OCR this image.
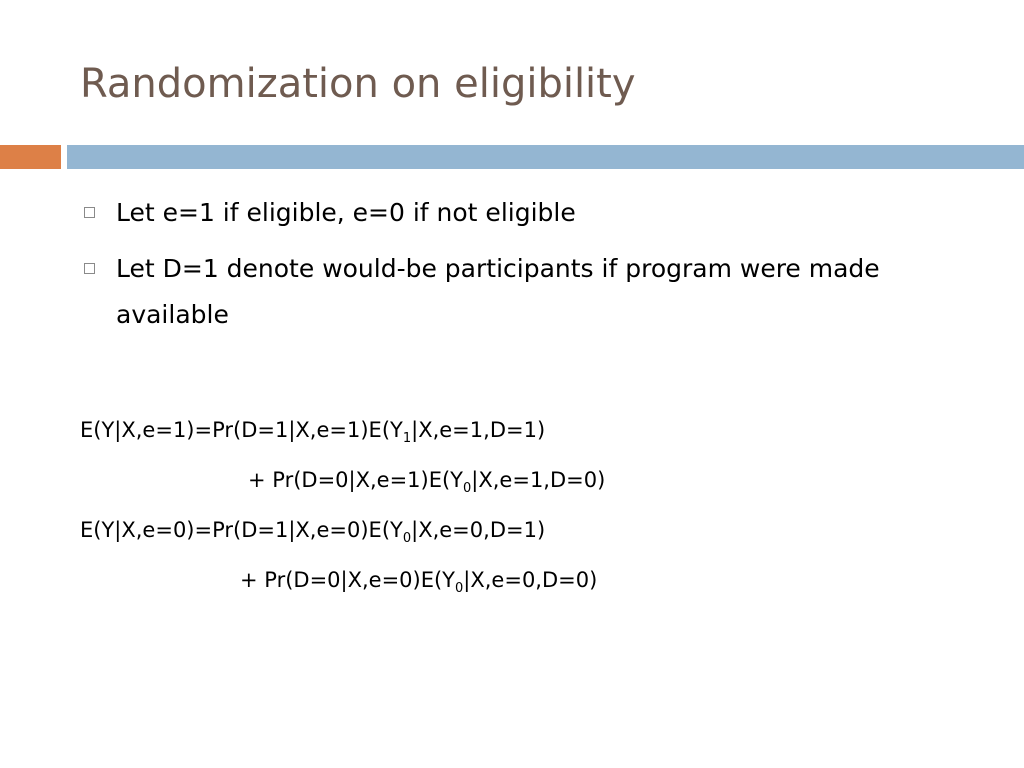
Randomization on eligibility
Let e=1 if eligible, e=0 if not eligible
Let D=1 denote would-be participants if program were made available
$E(Y|X,e=1)=Pr(D=1|X,e=1)E(Y_1|X,e=1,D=1)$
+ $Pr(D=0|X,e=1)E(Y_0|X,e=1,D=0)$
$E(Y|X,e=0)=Pr(D=1|X,e=0)E(Y_0|X,e=0,D=1)$
+ $Pr(D=0|X,e=0)E(Y_0|X,e=0,D=0)$
